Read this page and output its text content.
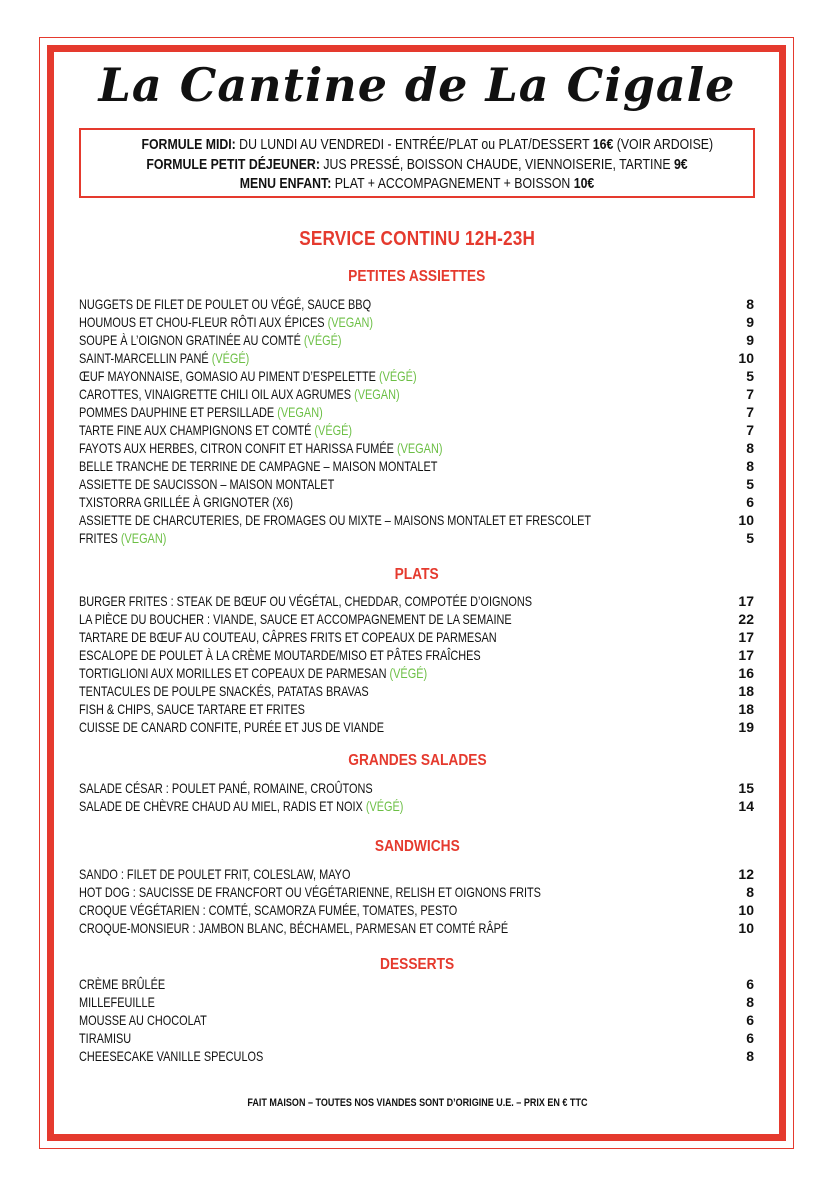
La Cantine de La Cigale
FORMULE MIDI: DU LUNDI AU VENDREDI - ENTRÉE/PLAT ou PLAT/DESSERT 16€ (VOIR ARDOISE)
FORMULE PETIT DÉJEUNER: JUS PRESSÉ, BOISSON CHAUDE, VIENNOISERIE, TARTINE 9€
MENU ENFANT: PLAT + ACCOMPAGNEMENT + BOISSON 10€
SERVICE CONTINU 12H-23H
PETITES ASSIETTES
NUGGETS DE FILET DE POULET OU VÉGÉ, SAUCE BBQ	8
HOUMOUS ET CHOU-FLEUR RÔTI AUX ÉPICES (VEGAN)	9
SOUPE À L’OIGNON GRATINÉE AU COMTÉ (VÉGÉ)	9
SAINT-MARCELLIN PANÉ (VÉGÉ)	10
ŒUF MAYONNAISE, GOMASIO AU PIMENT D’ESPELETTE (VÉGÉ)	5
CAROTTES, VINAIGRETTE CHILI OIL AUX AGRUMES (VEGAN)	7
POMMES DAUPHINE ET PERSILLADE (VEGAN)	7
TARTE FINE AUX CHAMPIGNONS ET COMTÉ (VÉGÉ)	7
FAYOTS AUX HERBES, CITRON CONFIT ET HARISSA FUMÉE (VEGAN)	8
BELLE TRANCHE DE TERRINE DE CAMPAGNE – MAISON MONTALET	8
ASSIETTE DE SAUCISSON – MAISON MONTALET	5
TXISTORRA GRILLÉE À GRIGNOTER (X6)	6
ASSIETTE DE CHARCUTERIES, DE FROMAGES OU MIXTE – MAISONS MONTALET ET FRESCOLET	10
FRITES (VEGAN)	5
PLATS
BURGER FRITES : STEAK DE BŒUF OU VÉGÉTAL, CHEDDAR, COMPOTÉE D’OIGNONS	17
LA PIÈCE DU BOUCHER : VIANDE, SAUCE ET ACCOMPAGNEMENT DE LA SEMAINE	22
TARTARE DE BŒUF AU COUTEAU, CÂPRES FRITS ET COPEAUX DE PARMESAN	17
ESCALOPE DE POULET À LA CRÈME MOUTARDE/MISO ET PÂTES FRAÎCHES	17
TORTIGLIONI AUX MORILLES ET COPEAUX DE PARMESAN (VÉGÉ)	16
TENTACULES DE POULPE SNACKÉS, PATATAS BRAVAS	18
FISH & CHIPS, SAUCE TARTARE ET FRITES	18
CUISSE DE CANARD CONFITE, PURÉE ET JUS DE VIANDE	19
GRANDES SALADES
SALADE CÉSAR : POULET PANÉ, ROMAINE, CROÛTONS	15
SALADE DE CHÈVRE CHAUD AU MIEL, RADIS ET NOIX (VÉGÉ)	14
SANDWICHS
SANDO : FILET DE POULET FRIT, COLESLAW, MAYO	12
HOT DOG : SAUCISSE DE FRANCFORT OU VÉGÉTARIENNE, RELISH ET OIGNONS FRITS	8
CROQUE VÉGÉTARIEN : COMTÉ, SCAMORZA FUMÉE, TOMATES, PESTO	10
CROQUE-MONSIEUR : JAMBON BLANC, BÉCHAMEL, PARMESAN ET COMTÉ RÂPÉ	10
DESSERTS
CRÈME BRÛLÉE	6
MILLEFEUILLE	8
MOUSSE AU CHOCOLAT	6
TIRAMISU	6
CHEESECAKE VANILLE SPECULOS	8
FAIT MAISON – TOUTES NOS VIANDES SONT D’ORIGINE U.E. – PRIX EN € TTC
